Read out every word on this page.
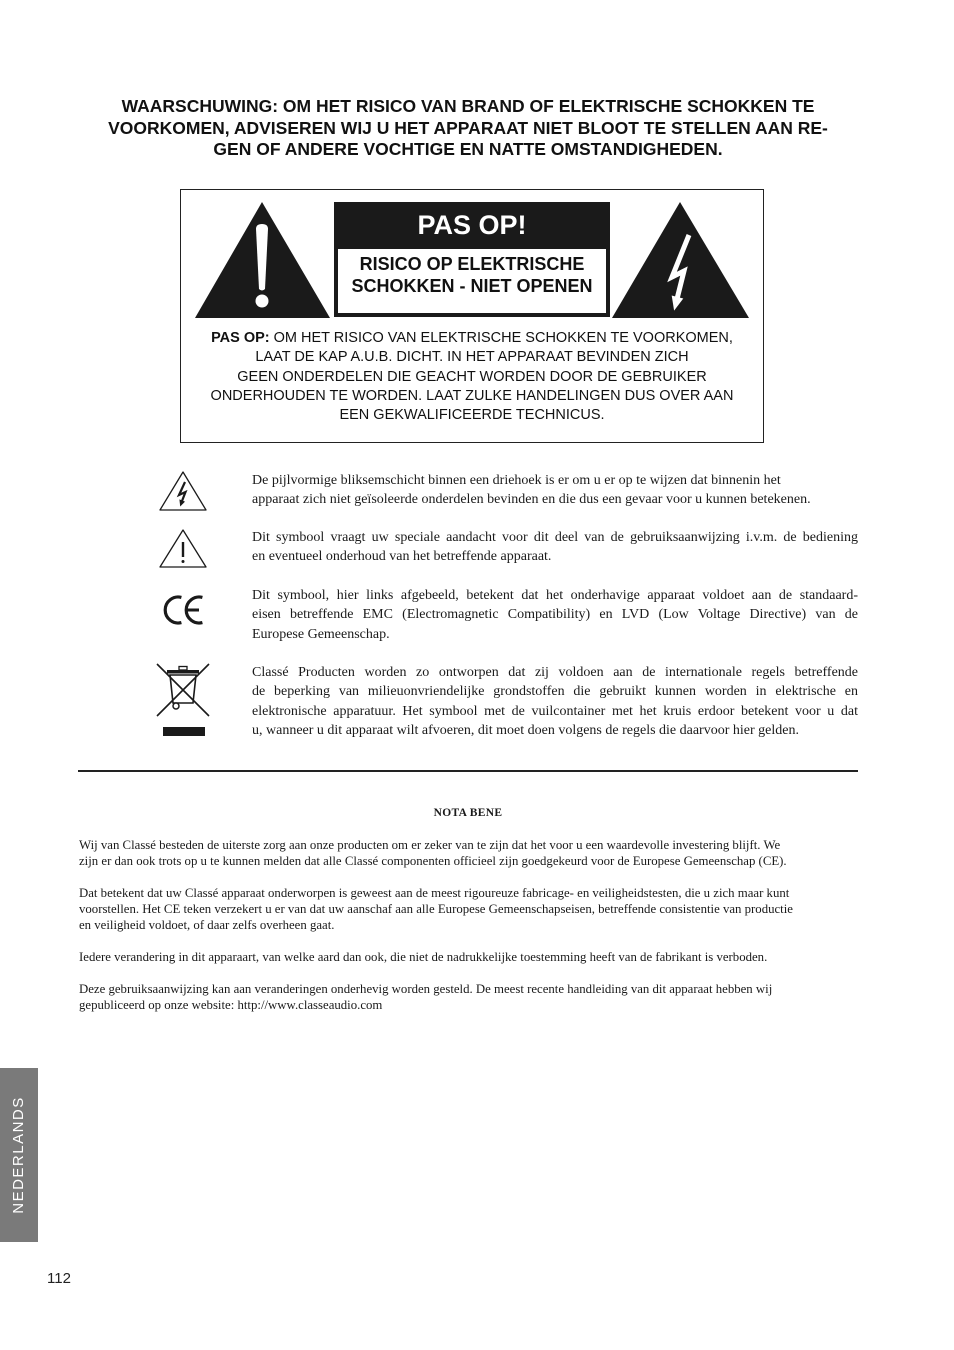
WAARSCHUWING: OM HET RISICO VAN BRAND OF ELEKTRISCHE SCHOKKEN TE
VOORKOMEN, ADVISEREN WIJ U HET APPARAAT NIET BLOOT TE STELLEN AAN RE-
GEN OF ANDERE VOCHTIGE EN NATTE OMSTANDIGHEDEN.
PAS OP!
RISICO OP ELEKTRISCHE
SCHOKKEN - NIET OPENEN
PAS OP: OM HET RISICO VAN ELEKTRISCHE SCHOKKEN TE VOORKOMEN,
LAAT DE KAP A.U.B. DICHT. IN HET APPARAAT BEVINDEN ZICH
GEEN ONDERDELEN DIE GEACHT WORDEN DOOR DE GEBRUIKER
ONDERHOUDEN TE WORDEN. LAAT ZULKE HANDELINGEN DUS OVER AAN
EEN GEKWALIFICEERDE TECHNICUS.
De pijlvormige bliksemschicht binnen een driehoek is er om u er op te wijzen dat binnenin het
apparaat zich niet geïsoleerde onderdelen bevinden en die dus een gevaar voor u kunnen betekenen.
Dit symbool vraagt uw speciale aandacht voor dit deel van de gebruiksaanwijzing i.v.m. de bediening
en eventueel onderhoud van het betreffende apparaat.
Dit symbool, hier links afgebeeld, betekent dat het onderhavige apparaat voldoet aan de standaard-
eisen betreffende EMC (Electromagnetic Compatibility) en LVD (Low Voltage Directive) van de
Europese Gemeenschap.
Classé Producten worden zo ontworpen dat zij voldoen aan de internationale regels betreffende
de beperking van milieuonvriendelijke grondstoffen die gebruikt kunnen worden in elektrische en
elektronische apparatuur. Het symbool met de vuilcontainer met het kruis erdoor betekent voor u dat
u, wanneer u dit apparaat wilt afvoeren, dit moet doen volgens de regels die daarvoor hier gelden.
NOTA BENE
Wij van Classé besteden de uiterste zorg aan onze producten om er zeker van te zijn dat het voor u een waardevolle investering blijft. We
zijn er dan ook trots op u te kunnen melden dat alle Classé componenten officieel zijn goedgekeurd voor de Europese Gemeenschap (CE).
Dat betekent dat uw Classé apparaat onderworpen is geweest aan de meest rigoureuze fabricage- en veiligheidstesten, die u zich maar kunt
voorstellen. Het CE teken verzekert u er van dat uw aanschaf aan alle Europese Gemeenschapseisen, betreffende consistentie van productie
en veiligheid voldoet, of daar zelfs overheen gaat.
Iedere verandering in dit apparaart, van welke aard dan ook, die niet de nadrukkelijke toestemming heeft van de fabrikant is verboden.
Deze gebruiksaanwijzing kan aan veranderingen onderhevig worden gesteld. De meest recente handleiding van dit apparaat hebben wij
gepubliceerd op onze website: http://www.classeaudio.com
NEDERLANDS
112
